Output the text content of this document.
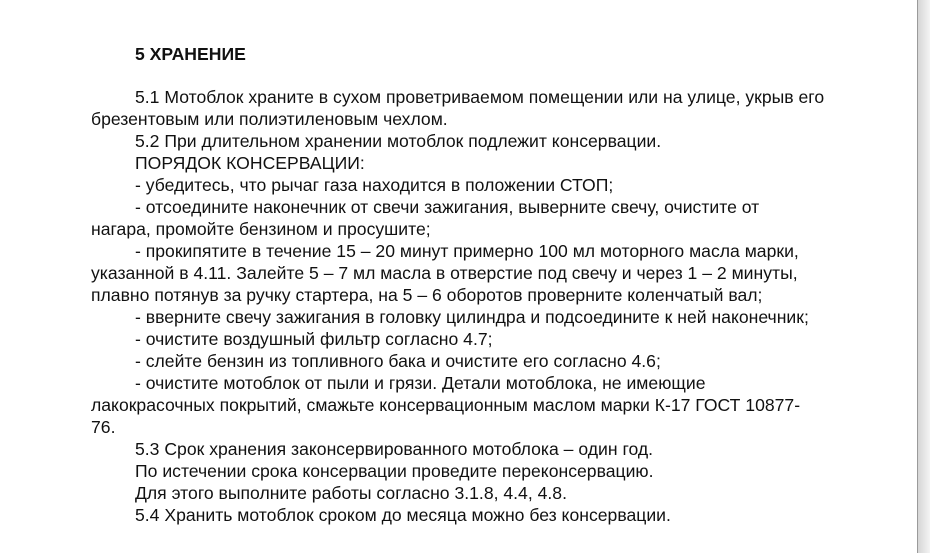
5 ХРАНЕНИЕ

5.1 Мотоблок храните в сухом проветриваемом помещении или на улице, укрыв его

брезентовым или полиэтиленовым чехлом.

5.2 При длительном хранении мотоблок подлежит консервации.

ПОРЯДОК КОНСЕРВАЦИИ:

- убедитесь, что рычаг газа находится в положении СТОП;

- отсоедините наконечник от свечи зажигания, выверните свечу, очистите от

нагара, промойте бензином и просушите;

- прокипятите в течение 15 – 20 минут примерно 100 мл моторного масла марки,

указанной в 4.11. Залейте 5 – 7 мл масла в отверстие под свечу и через 1 – 2 минуты,

плавно потянув за ручку стартера, на 5 – 6 оборотов проверните коленчатый вал;

- вверните свечу зажигания в головку цилиндра и подсоедините к ней наконечник;

- очистите воздушный фильтр согласно 4.7;

- слейте бензин из топливного бака и очистите его согласно 4.6;

- очистите мотоблок от пыли и грязи. Детали мотоблока, не имеющие

лакокрасочных покрытий, смажьте консервационным маслом марки К-17 ГОСТ 10877-

76.

5.3 Срок хранения законсервированного мотоблока – один год.

По истечении срока консервации проведите переконсервацию.

Для этого выполните работы согласно 3.1.8, 4.4, 4.8.

5.4 Хранить мотоблок сроком до месяца можно без консервации.
